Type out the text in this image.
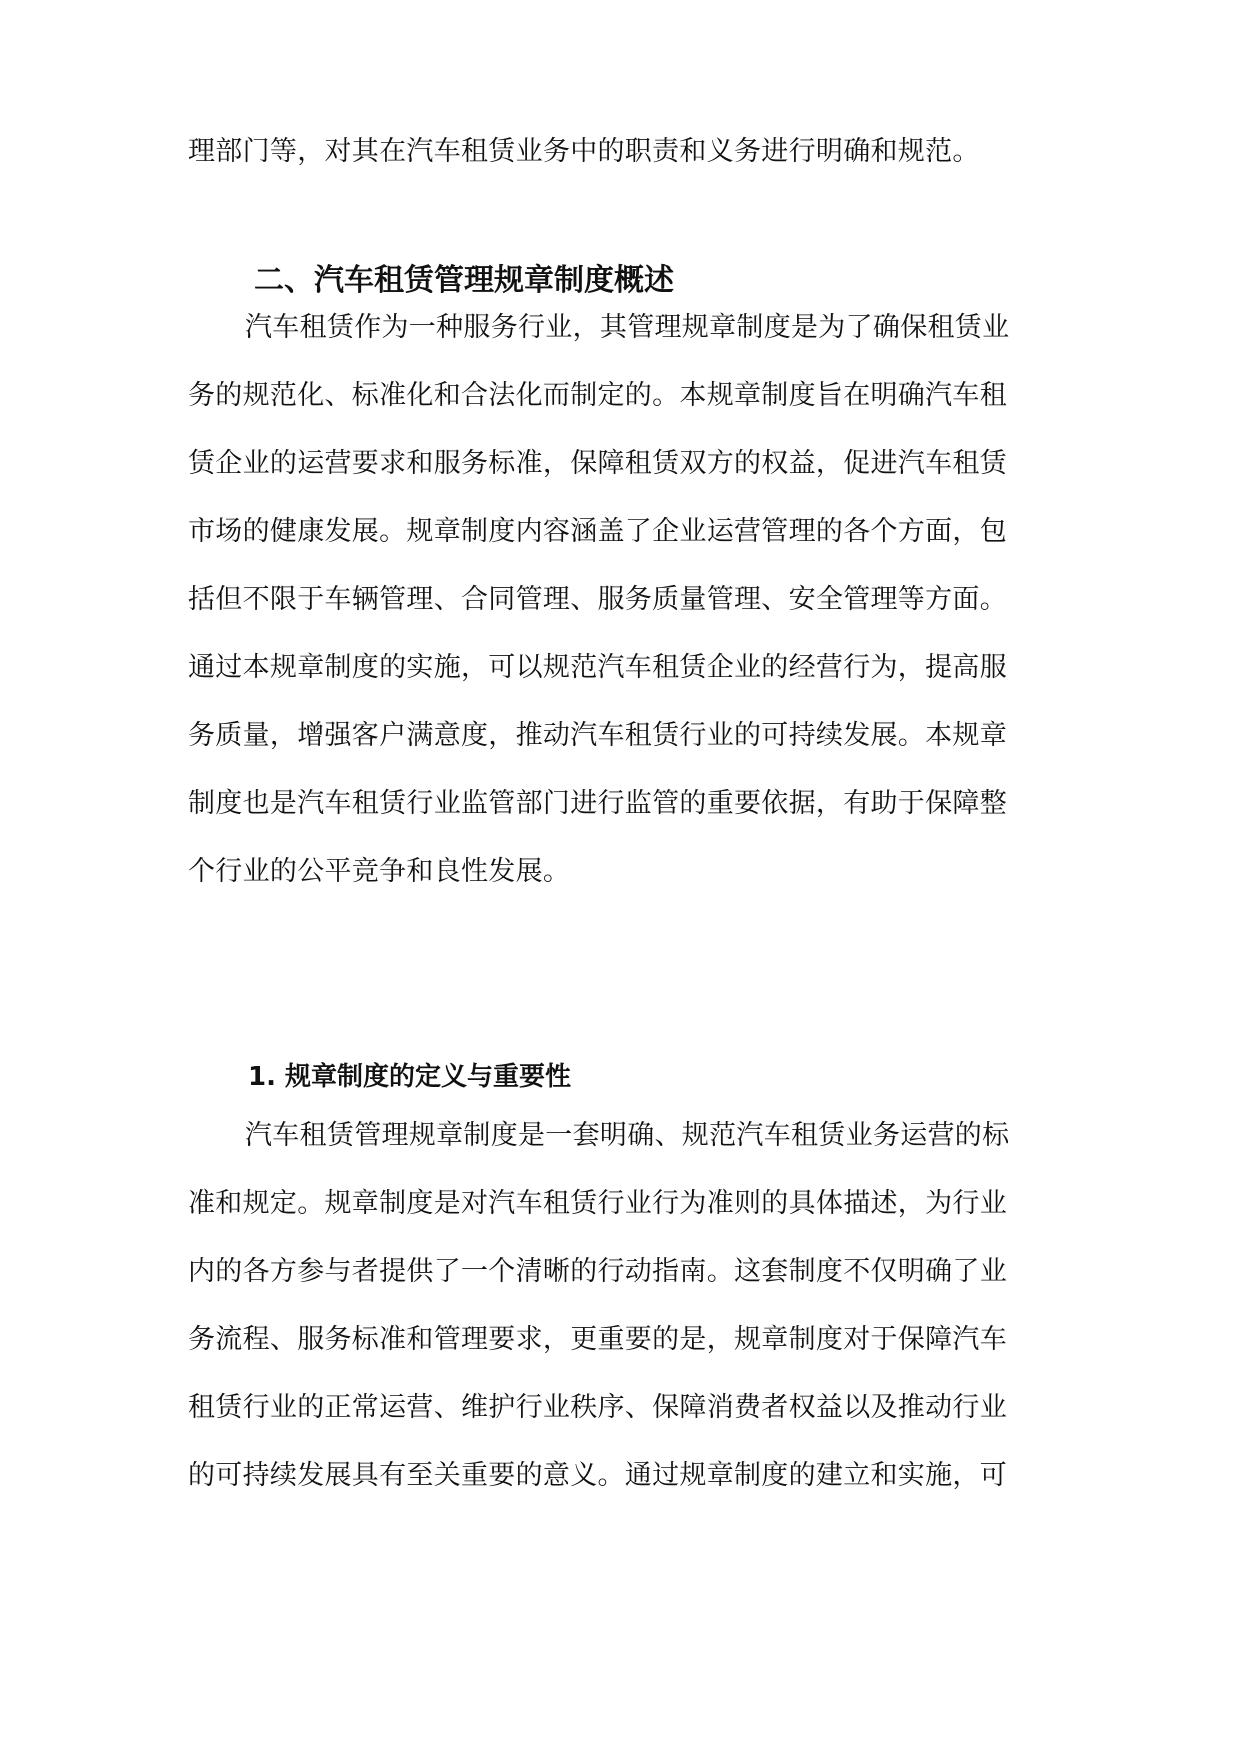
理部门等，对其在汽车租赁业务中的职责和义务进行明确和规范。
二、汽车租赁管理规章制度概述
汽车租赁作为一种服务行业，其管理规章制度是为了确保租赁业
务的规范化、标准化和合法化而制定的。本规章制度旨在明确汽车租
赁企业的运营要求和服务标准，保障租赁双方的权益，促进汽车租赁
市场的健康发展。规章制度内容涵盖了企业运营管理的各个方面，包
括但不限于车辆管理、合同管理、服务质量管理、安全管理等方面。
通过本规章制度的实施，可以规范汽车租赁企业的经营行为，提高服
务质量，增强客户满意度，推动汽车租赁行业的可持续发展。本规章
制度也是汽车租赁行业监管部门进行监管的重要依据，有助于保障整
个行业的公平竞争和良性发展。
1. 规章制度的定义与重要性
汽车租赁管理规章制度是一套明确、规范汽车租赁业务运营的标
准和规定。规章制度是对汽车租赁行业行为准则的具体描述，为行业
内的各方参与者提供了一个清晰的行动指南。这套制度不仅明确了业
务流程、服务标准和管理要求，更重要的是，规章制度对于保障汽车
租赁行业的正常运营、维护行业秩序、保障消费者权益以及推动行业
的可持续发展具有至关重要的意义。通过规章制度的建立和实施，可
